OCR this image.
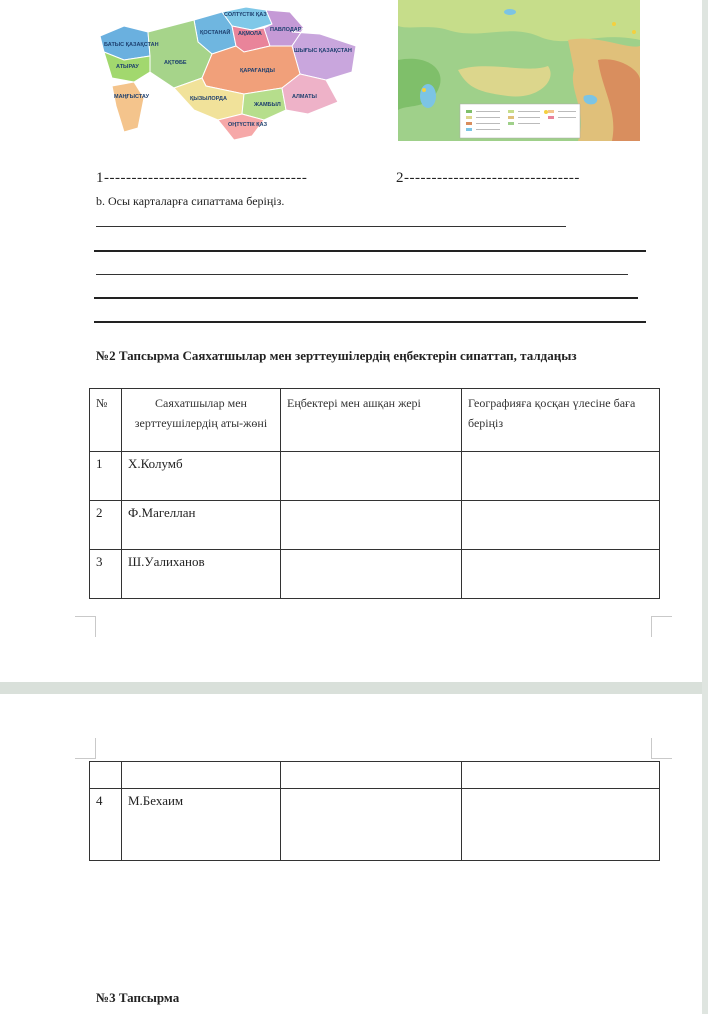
СОЛТҮСТІК ҚАЗ
ҚОСТАНАЙ АҚМОЛА
ПАВЛОДАР
БАТЫС ҚАЗАҚСТАН
АҚТӨБЕ
ШЫҒЫС ҚАЗАҚСТАН
АТЫРАУ
ҚАРАҒАНДЫ
МАҢҒЫСТАУ	ҚЫЗЫЛОРДА
ЖАМБЫЛ
АЛМАТЫ
ОҢТҮСТІК ҚАЗ
1-------------------------------------	2--------------------------------
b. Осы карталарға сипаттама беріңіз.
№2 Тапсырма Саяхатшылар мен зерттеушілердің еңбектерін сипаттап, талдаңыз
№	Саяхатшылар мен зерттеушілердің аты-жөні	Еңбектері мен ашқан жері	Географияға қосқан үлесіне баға беріңіз
1	Х.Колумб		
2	Ф.Магеллан		
3	Ш.Уалиханов		

4	М.Бехаим		
№3 Тапсырма
